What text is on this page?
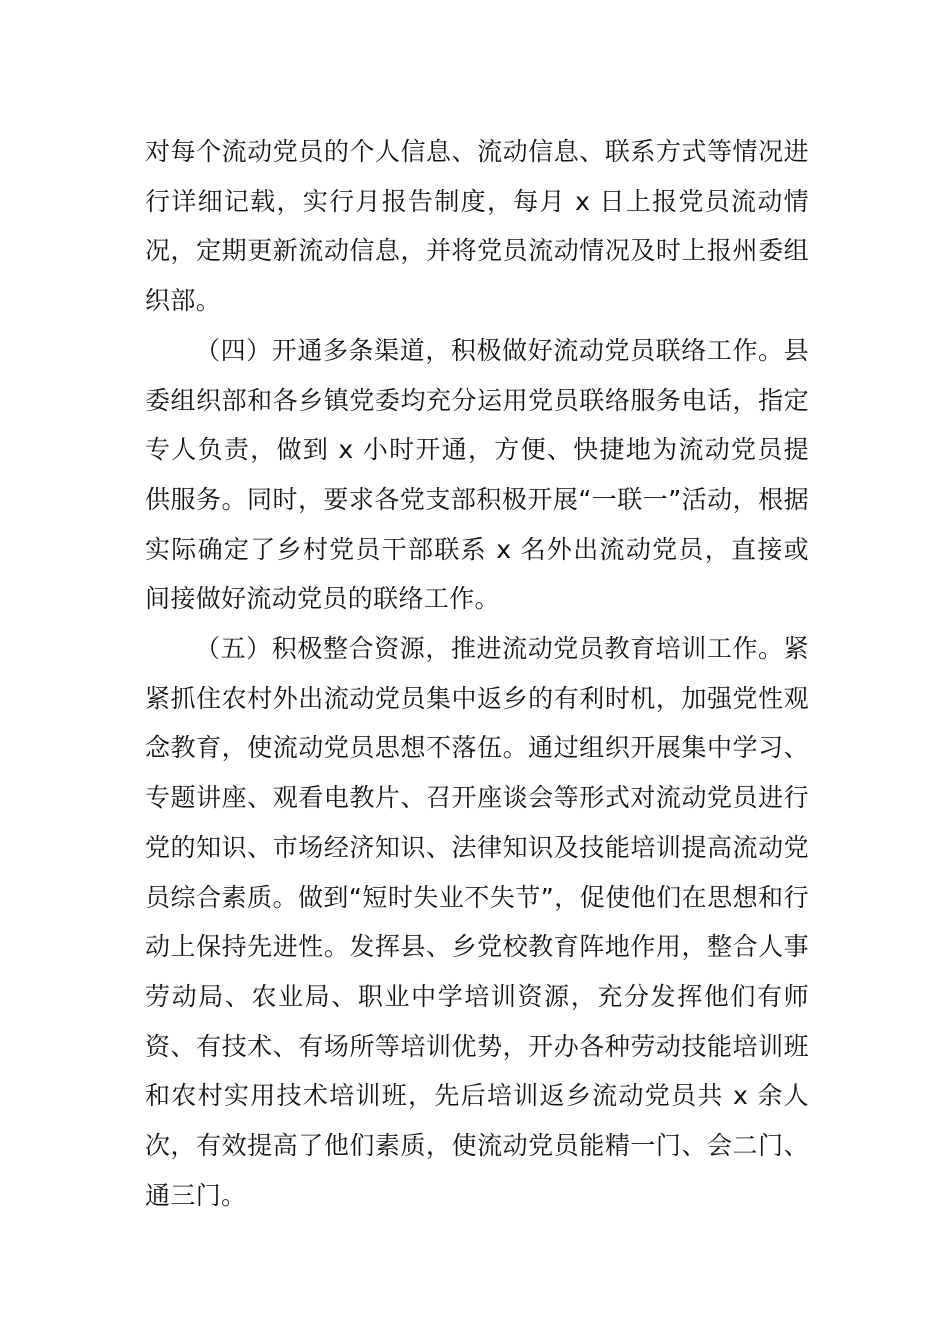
对每个流动党员的个人信息、流动信息、联系方式等情况进行详细记载，实行月报告制度，每月 x 日上报党员流动情况，定期更新流动信息，并将党员流动情况及时上报州委组织部。

（四）开通多条渠道，积极做好流动党员联络工作。县委组织部和各乡镇党委均充分运用党员联络服务电话，指定专人负责，做到 x 小时开通，方便、快捷地为流动党员提供服务。同时，要求各党支部积极开展“一联一”活动，根据实际确定了乡村党员干部联系 x 名外出流动党员，直接或间接做好流动党员的联络工作。

（五）积极整合资源，推进流动党员教育培训工作。紧紧抓住农村外出流动党员集中返乡的有利时机，加强党性观念教育，使流动党员思想不落伍。通过组织开展集中学习、专题讲座、观看电教片、召开座谈会等形式对流动党员进行党的知识、市场经济知识、法律知识及技能培训提高流动党员综合素质。做到“短时失业不失节”，促使他们在思想和行动上保持先进性。发挥县、乡党校教育阵地作用，整合人事劳动局、农业局、职业中学培训资源，充分发挥他们有师资、有技术、有场所等培训优势，开办各种劳动技能培训班和农村实用技术培训班，先后培训返乡流动党员共 x 余人次，有效提高了他们素质，使流动党员能精一门、会二门、通三门。
